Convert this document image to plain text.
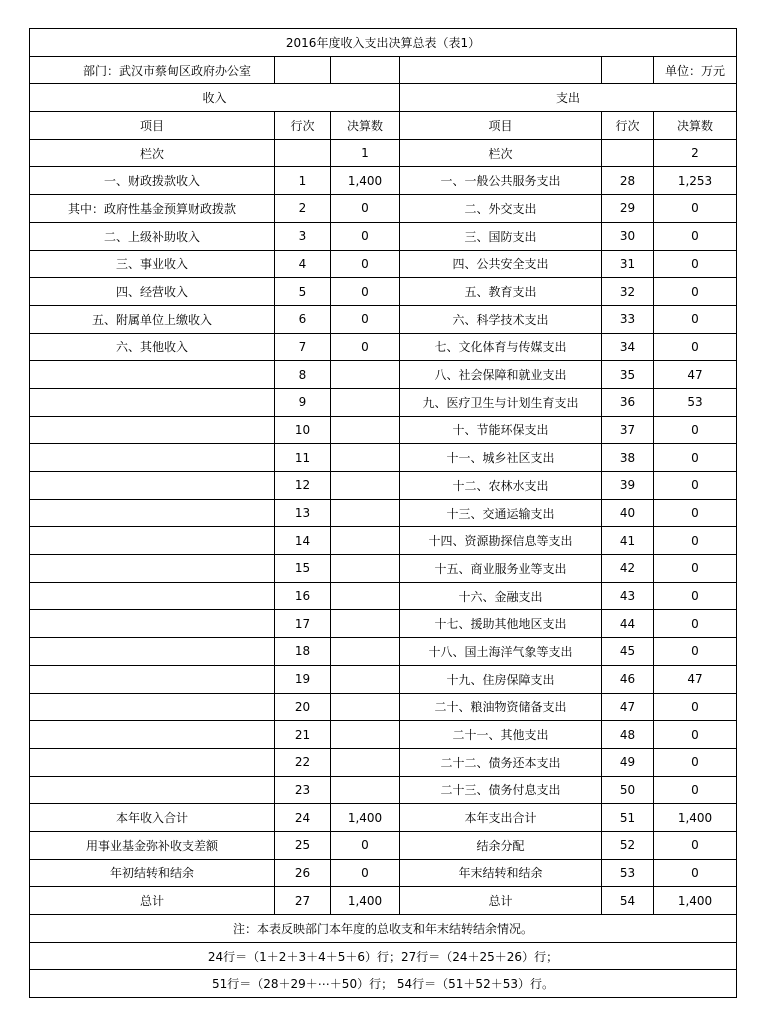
2016年度收入支出决算总表（表1）					
部门：武汉市蔡甸区政府办公室					单位：万元
收入			支出		
项目	行次	决算数	项目	行次	决算数
栏次		1	栏次		2
一、财政拨款收入	1	1,400	一、一般公共服务支出	28	1,253
其中：政府性基金预算财政拨款	2	0	二、外交支出	29	0
二、上级补助收入	3	0	三、国防支出	30	0
三、事业收入	4	0	四、公共安全支出	31	0
四、经营收入	5	0	五、教育支出	32	0
五、附属单位上缴收入	6	0	六、科学技术支出	33	0
六、其他收入	7	0	七、文化体育与传媒支出	34	0
	8		八、社会保障和就业支出	35	47
	9		九、医疗卫生与计划生育支出	36	53
	10		十、节能环保支出	37	0
	11		十一、城乡社区支出	38	0
	12		十二、农林水支出	39	0
	13		十三、交通运输支出	40	0
	14		十四、资源勘探信息等支出	41	0
	15		十五、商业服务业等支出	42	0
	16		十六、金融支出	43	0
	17		十七、援助其他地区支出	44	0
	18		十八、国土海洋气象等支出	45	0
	19		十九、住房保障支出	46	47
	20		二十、粮油物资储备支出	47	0
	21		二十一、其他支出	48	0
	22		二十二、债务还本支出	49	0
	23		二十三、债务付息支出	50	0
本年收入合计	24	1,400	本年支出合计	51	1,400
用事业基金弥补收支差额	25	0	结余分配	52	0
年初结转和结余	26	0	年末结转和结余	53	0
总计	27	1,400	总计	54	1,400
注：本表反映部门本年度的总收支和年末结转结余情况。					
24行＝（1＋2＋3＋4＋5＋6）行；27行＝（24＋25＋26）行；					
51行＝（28＋29＋⋯＋50）行； 54行＝（51＋52＋53）行。					
